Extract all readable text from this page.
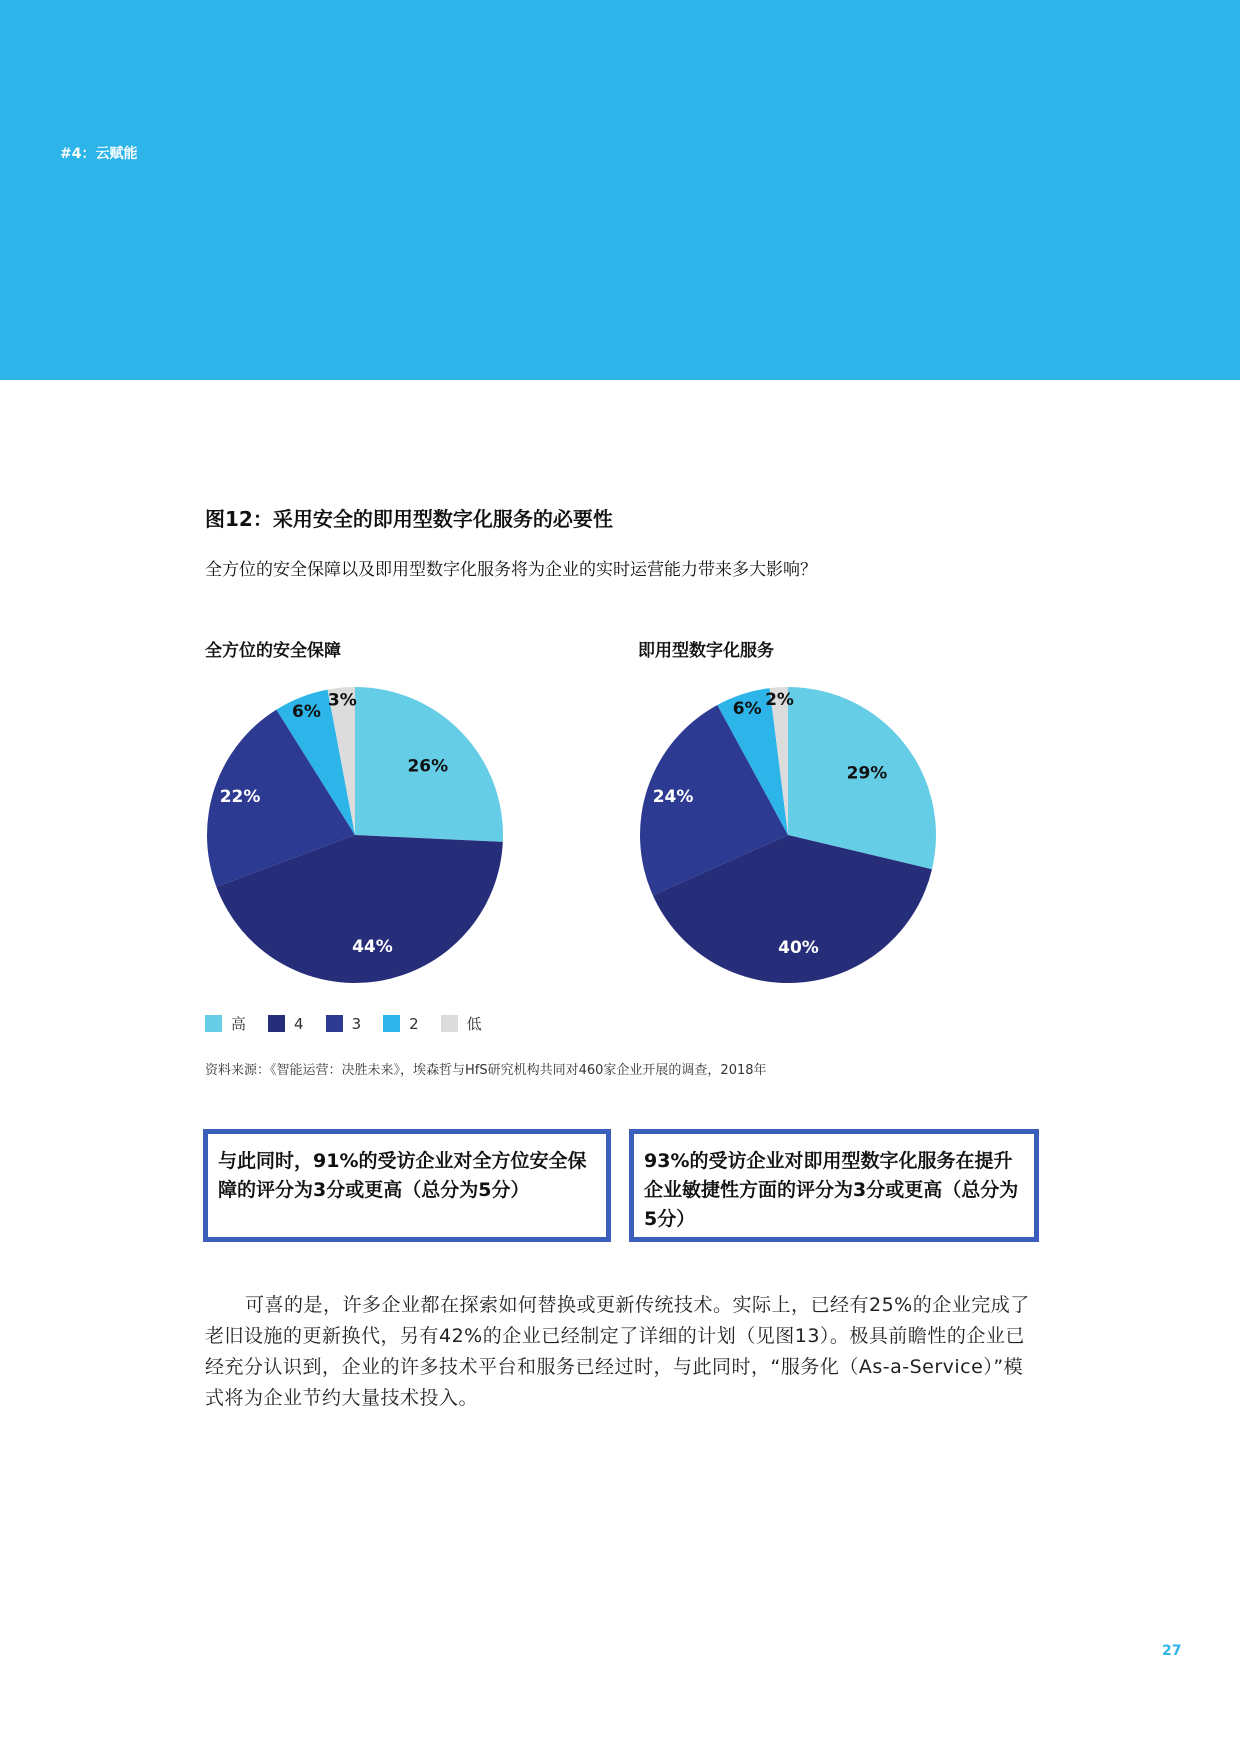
#4：云赋能
图12：采用安全的即用型数字化服务的必要性
全方位的安全保障以及即用型数字化服务将为企业的实时运营能力带来多大影响？
全方位的安全保障	即用型数字化服务
26%
44%
22%
6%
3%
29%
40%
24%
6% 2%
高	4	3	2	低
资料来源：《智能运营：决胜未来》，埃森哲与HfS研究机构共同对460家企业开展的调查，2018年
与此同时，91%的受访企业对全方位安全保障的评分为3分或更高（总分为5分）
93%的受访企业对即用型数字化服务在提升企业敏捷性方面的评分为3分或更高（总分为5分）
可喜的是，许多企业都在探索如何替换或更新传统技术。实际上，已经有25%的企业完成了老旧设施的更新换代，另有42%的企业已经制定了详细的计划（见图13）。极具前瞻性的企业已经充分认识到，企业的许多技术平台和服务已经过时，与此同时，“服务化（As-a-Service）”模式将为企业节约大量技术投入。
27
